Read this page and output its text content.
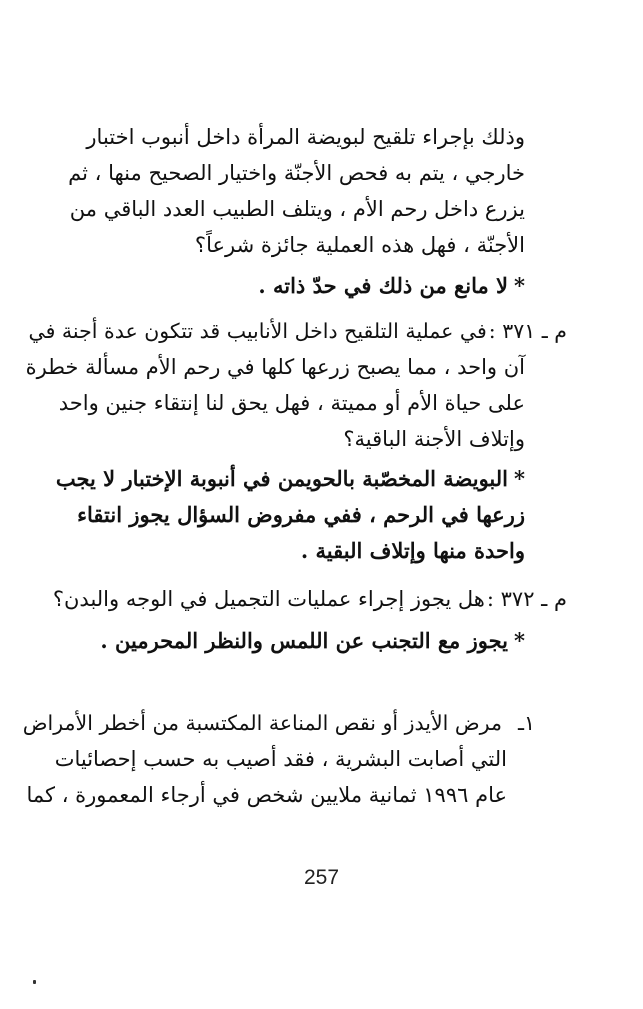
وذلك بإجراء تلقيح لبويضة المرأة داخل أنبوب اختبار
خارجي ، يتم به فحص الأجنّة واختيار الصحيح منها ، ثم
يزرع داخل رحم الأم ، ويتلف الطبيب العدد الباقي من
الأجنّة ، فهل هذه العملية جائزة شرعاً؟
*لا مانع من ذلك في حدّ ذاته .
م ـ ٣٧١ :في عملية التلقيح داخل الأنابيب قد تتكون عدة أجنة في
آن واحد ، مما يصبح زرعها كلها في رحم الأم مسألة خطرة
على حياة الأم أو مميتة ، فهل يحق لنا إنتقاء جنين واحد
وإتلاف الأجنة الباقية؟
*البويضة المخصّبة بالحويمن في أنبوبة الإختبار لا يجب
زرعها في الرحم ، ففي مفروض السؤال يجوز انتقاء
واحدة منها وإتلاف البقية .
م ـ ٣٧٢ :هل يجوز إجراء عمليات التجميل في الوجه والبدن؟
*يجوز مع التجنب عن اللمس والنظر المحرمين .
١ـمرض الأيدز أو نقص المناعة المكتسبة من أخطر الأمراض
التي أصابت البشرية ، فقد أصيب به حسب إحصائيات
عام ١٩٩٦ ثمانية ملايين شخص في أرجاء المعمورة ، كما
257
